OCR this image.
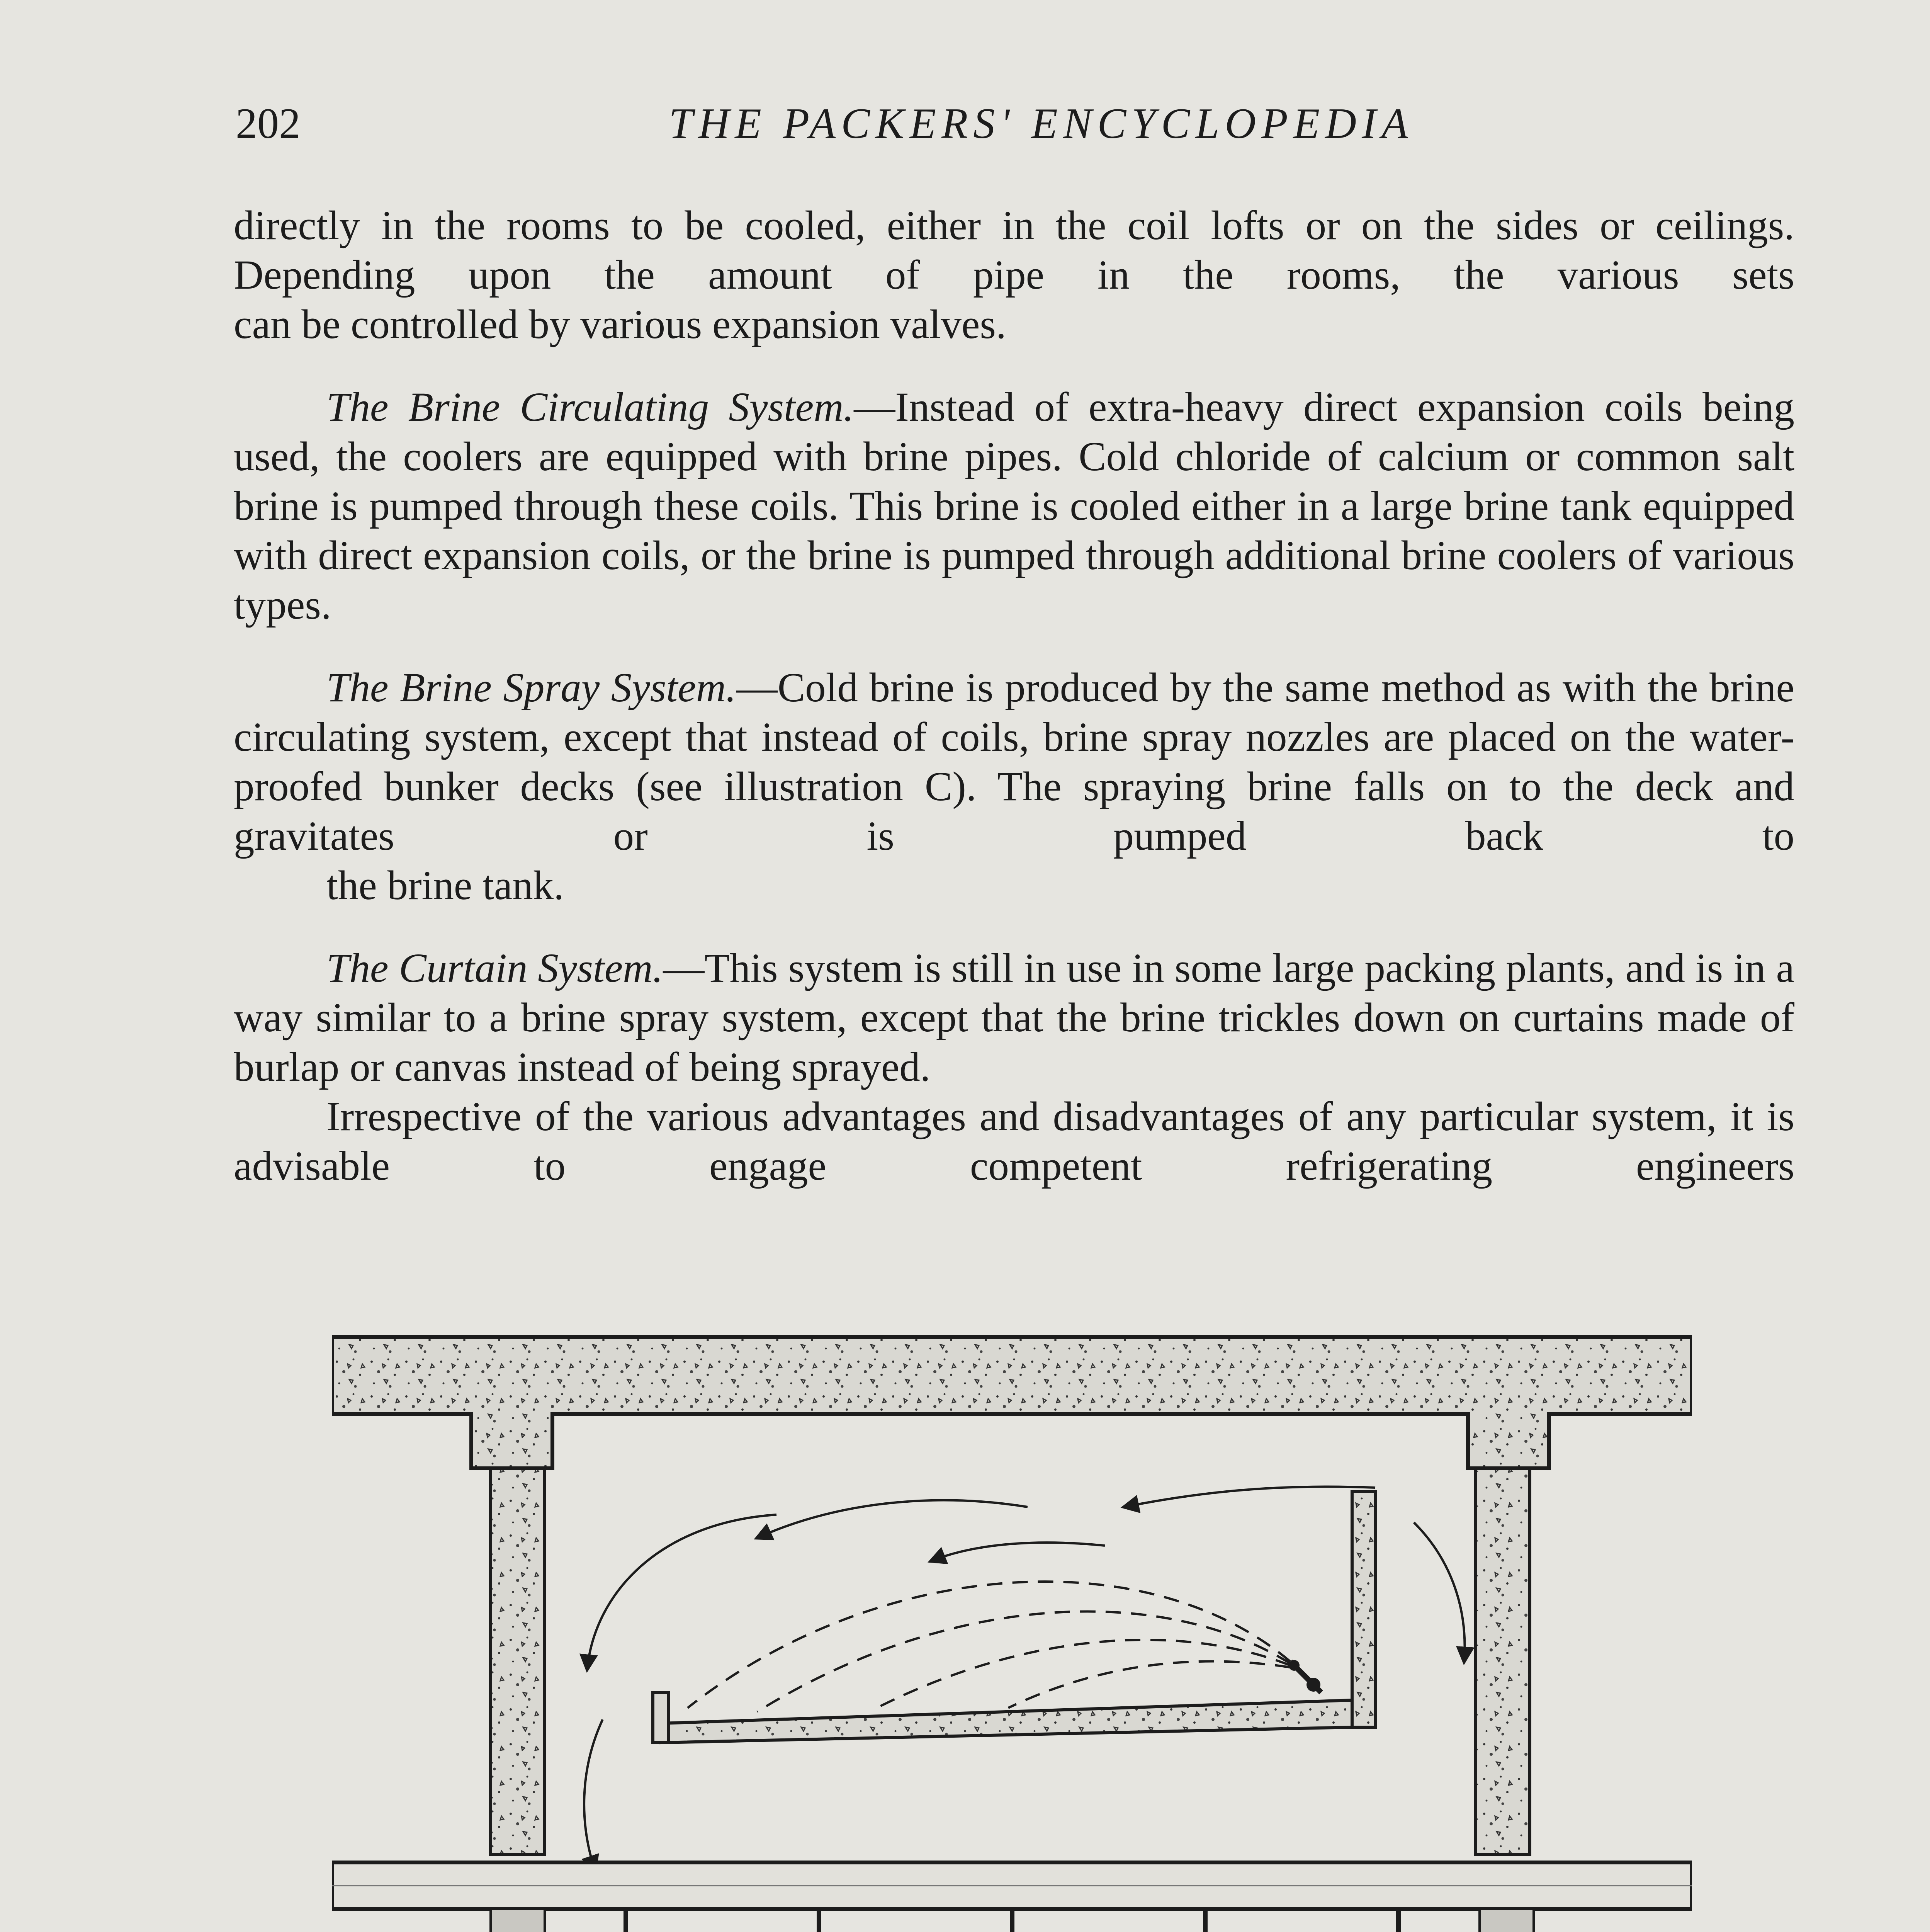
202	THE PACKERS' ENCYCLOPEDIA

directly in the rooms to be cooled, either in the coil lofts or on the sides or ceilings. Depending upon the amount of pipe in the rooms, the various sets
can be controlled by various expansion valves.

The Brine Circulating System.—Instead of extra-heavy direct expansion coils being used, the coolers are equipped with brine pipes. Cold chloride of calcium or common salt brine is pumped through these coils. This brine is cooled either in a large brine tank equipped with direct expansion coils, or the brine is pumped through additional brine coolers of various types.

The Brine Spray System.—Cold brine is produced by the same method as with the brine circulating system, except that instead of coils, brine spray nozzles are placed on the water-proofed bunker decks (see illustration C). The spraying brine falls on to the deck and gravitates or is pumped back to
the brine tank.

The Curtain System.—This system is still in use in some large packing plants, and is in a way similar to a brine spray system, except that the brine trickles down on curtains made of burlap or canvas instead of being sprayed.

Irrespective of the various advantages and disadvantages of any particular system, it is advisable to engage competent refrigerating engineers
